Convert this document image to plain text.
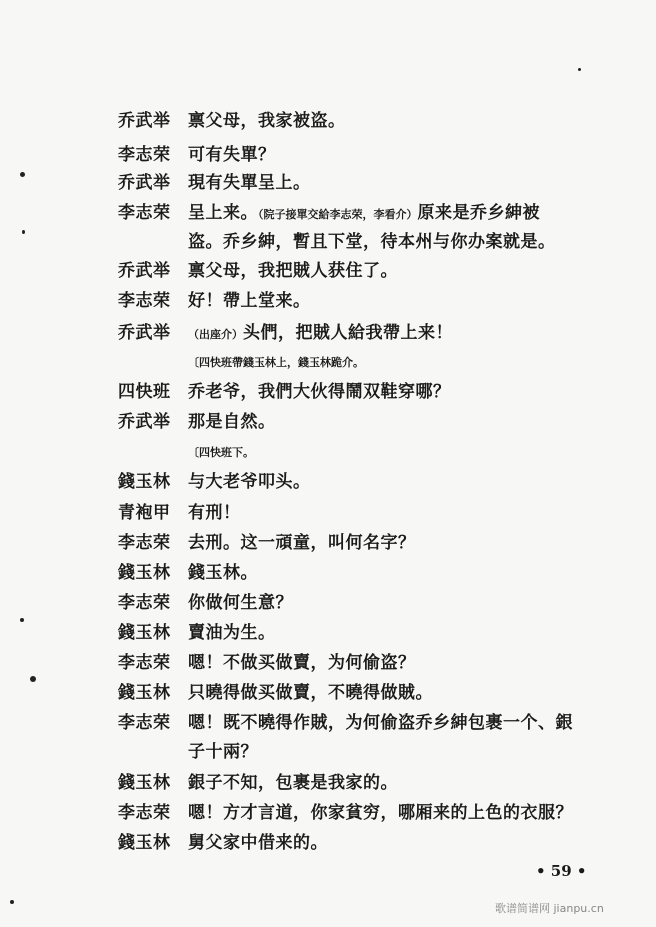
乔武举	禀父母，我家被盗。
李志荣	可有失單？
乔武举	現有失單呈上。
李志荣	呈上来。（院子接單交給李志荣，李看介）原来是乔乡紳被
盗。乔乡紳，暫且下堂，待本州与你办案就是。
乔武举	禀父母，我把賊人获住了。
李志荣	好！帶上堂来。
乔武举	（出座介）头們，把賊人給我帶上来！
〔四快班帶錢玉林上，錢玉林跪介。
四快班	乔老爷，我們大伙得鬧双鞋穿哪？
乔武举	那是自然。
〔四快班下。
錢玉林	与大老爷叩头。
青袍甲	有刑！
李志荣	去刑。这一頑童，叫何名字？
錢玉林	錢玉林。
李志荣	你做何生意？
錢玉林	賣油为生。
李志荣	嗯！不做买做賣，为何偷盗？
錢玉林	只曉得做买做賣，不曉得做賊。
李志荣	嗯！既不曉得作賊，为何偷盗乔乡紳包裹一个、銀
子十兩？
錢玉林	銀子不知，包裹是我家的。
李志荣	嗯！方才言道，你家貧穷，哪厢来的上色的衣服？
錢玉林	舅父家中借来的。
• 59 •
歌谱简谱网 jianpu.cn
